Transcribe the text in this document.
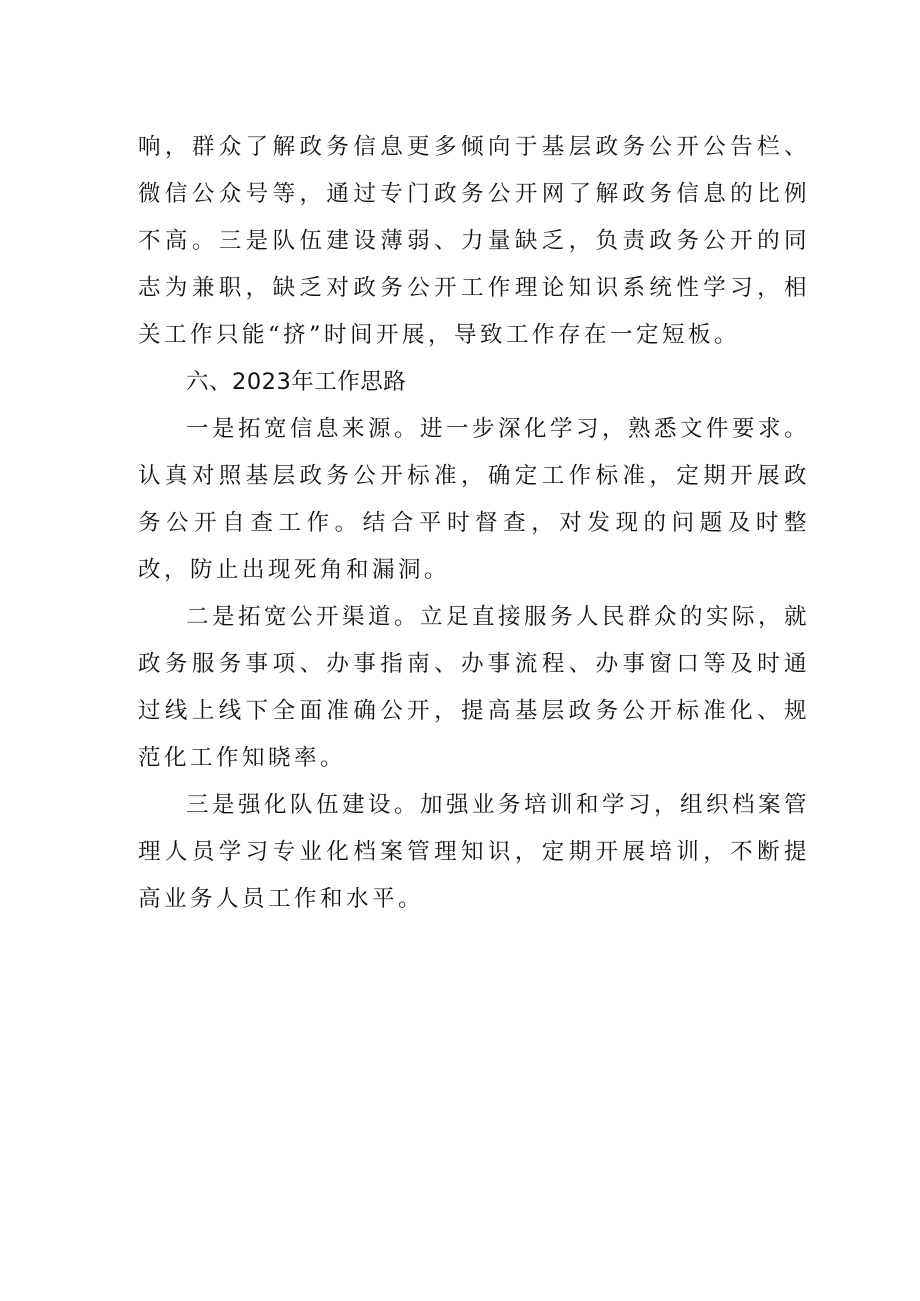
响，群众了解政务信息更多倾向于基层政务公开公告栏、微信公众号等，通过专门政务公开网了解政务信息的比例不高。三是队伍建设薄弱、力量缺乏，负责政务公开的同志为兼职，缺乏对政务公开工作理论知识系统性学习，相关工作只能“挤”时间开展，导致工作存在一定短板。

六、2023年工作思路

一是拓宽信息来源。进一步深化学习，熟悉文件要求。认真对照基层政务公开标准，确定工作标准，定期开展政务公开自查工作。结合平时督查，对发现的问题及时整改，防止出现死角和漏洞。

二是拓宽公开渠道。立足直接服务人民群众的实际，就政务服务事项、办事指南、办事流程、办事窗口等及时通过线上线下全面准确公开，提高基层政务公开标准化、规范化工作知晓率。

三是强化队伍建设。加强业务培训和学习，组织档案管理人员学习专业化档案管理知识，定期开展培训，不断提高业务人员工作和水平。
